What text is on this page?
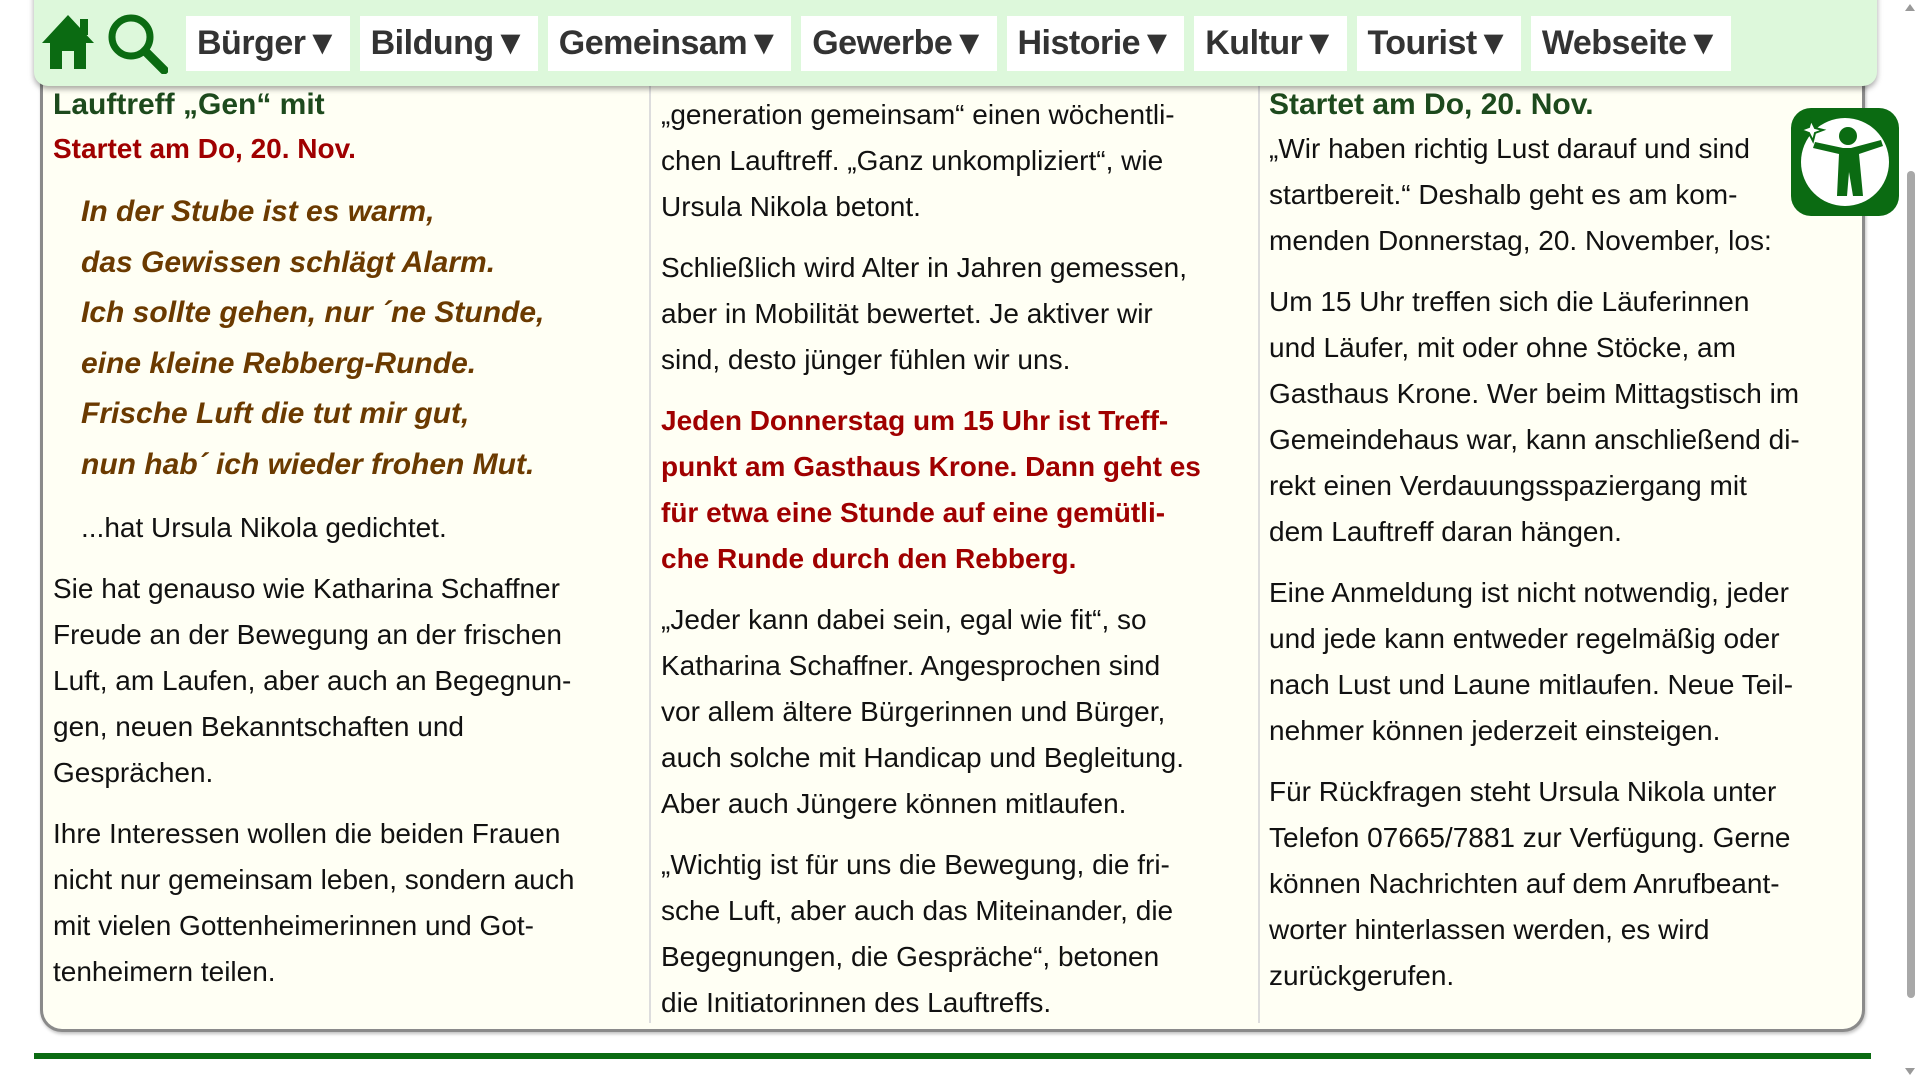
Lauftreff „Gen“ mit
Startet am Do, 20. Nov.
In der Stube ist es warm,
das Gewissen schlägt Alarm.
Ich sollte gehen, nur ´ne Stunde,
eine kleine Rebberg-Runde.
Frische Luft die tut mir gut,
nun hab´ ich wieder frohen Mut.
...hat Ursula Nikola gedichtet.
Sie hat genauso wie Katharina Schaffner
Freude an der Bewegung an der frischen
Luft, am Laufen, aber auch an Begegnun-
gen, neuen Bekanntschaften und
Gesprächen.
Ihre Interessen wollen die beiden Frauen
nicht nur gemeinsam leben, sondern auch
mit vielen Gottenheimerinnen und Got-
tenheimern teilen.
„generation gemeinsam“ einen wöchentli-
chen Lauftreff. „Ganz unkompliziert“, wie
Ursula Nikola betont.
Schließlich wird Alter in Jahren gemessen,
aber in Mobilität bewertet. Je aktiver wir
sind, desto jünger fühlen wir uns.
Jeden Donnerstag um 15 Uhr ist Treff-
punkt am Gasthaus Krone. Dann geht es
für etwa eine Stunde auf eine gemütli-
che Runde durch den Rebberg.
„Jeder kann dabei sein, egal wie fit“, so
Katharina Schaffner. Angesprochen sind
vor allem ältere Bürgerinnen und Bürger,
auch solche mit Handicap und Begleitung.
Aber auch Jüngere können mitlaufen.
„Wichtig ist für uns die Bewegung, die fri-
sche Luft, aber auch das Miteinander, die
Begegnungen, die Gespräche“, betonen
die Initiatorinnen des Lauftreffs.
Startet am Do, 20. Nov.
„Wir haben richtig Lust darauf und sind
startbereit.“ Deshalb geht es am kom-
menden Donnerstag, 20. November, los:
Um 15 Uhr treffen sich die Läuferinnen
und Läufer, mit oder ohne Stöcke, am
Gasthaus Krone. Wer beim Mittagstisch im
Gemeindehaus war, kann anschließend di-
rekt einen Verdauungsspaziergang mit
dem Lauftreff daran hängen.
Eine Anmeldung ist nicht notwendig, jeder
und jede kann entweder regelmäßig oder
nach Lust und Laune mitlaufen. Neue Teil-
nehmer können jederzeit einsteigen.
Für Rückfragen steht Ursula Nikola unter
Telefon 07665/7881 zur Verfügung. Gerne
können Nachrichten auf dem Anrufbeant-
worter hinterlassen werden, es wird
zurückgerufen.
Bürger▼ Bildung▼ Gemeinsam▼ Gewerbe▼ Historie▼ Kultur▼ Tourist▼ Webseite▼
